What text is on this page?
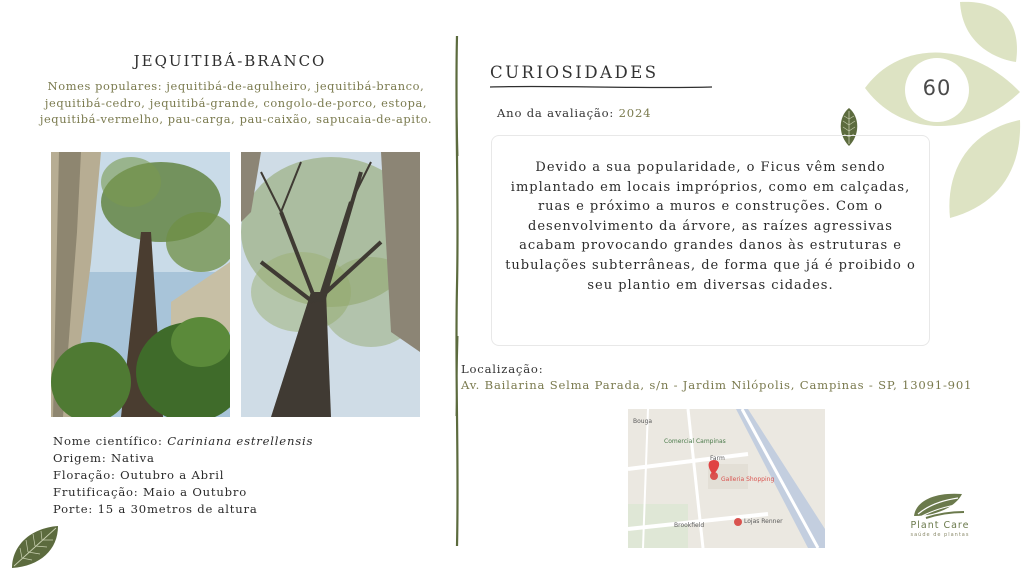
JEQUITIBÁ-BRANCO
Nomes populares: jequitibá-de-agulheiro, jequitibá-branco, jequitibá-cedro, jequitibá-grande, congolo-de-porco, estopa, jequitibá-vermelho, pau-carga, pau-caixão, sapucaia-de-apito.
Nome científico: Cariniana estrellensis
Origem: Nativa
Floração: Outubro a Abril
Frutificação: Maio a Outubro
Porte: 15 a 30metros de altura
CURIOSIDADES
Ano da avaliação: 2024
Devido a sua popularidade, o Ficus vêm sendo implantado em locais impróprios, como em calçadas, ruas e próximo a muros e construções. Com o desenvolvimento da árvore, as raízes agressivas acabam provocando grandes danos às estruturas e tubulações subterrâneas, de forma que já é proibido o seu plantio em diversas cidades.
Localização:
Av. Bailarina Selma Parada, s/n - Jardim Nilópolis, Campinas - SP, 13091-901
Bouga
Comercial Campinas
Farm
Galleria Shopping
Lojas Renner
Brookfield
60
Plant Care
saúde de plantas
